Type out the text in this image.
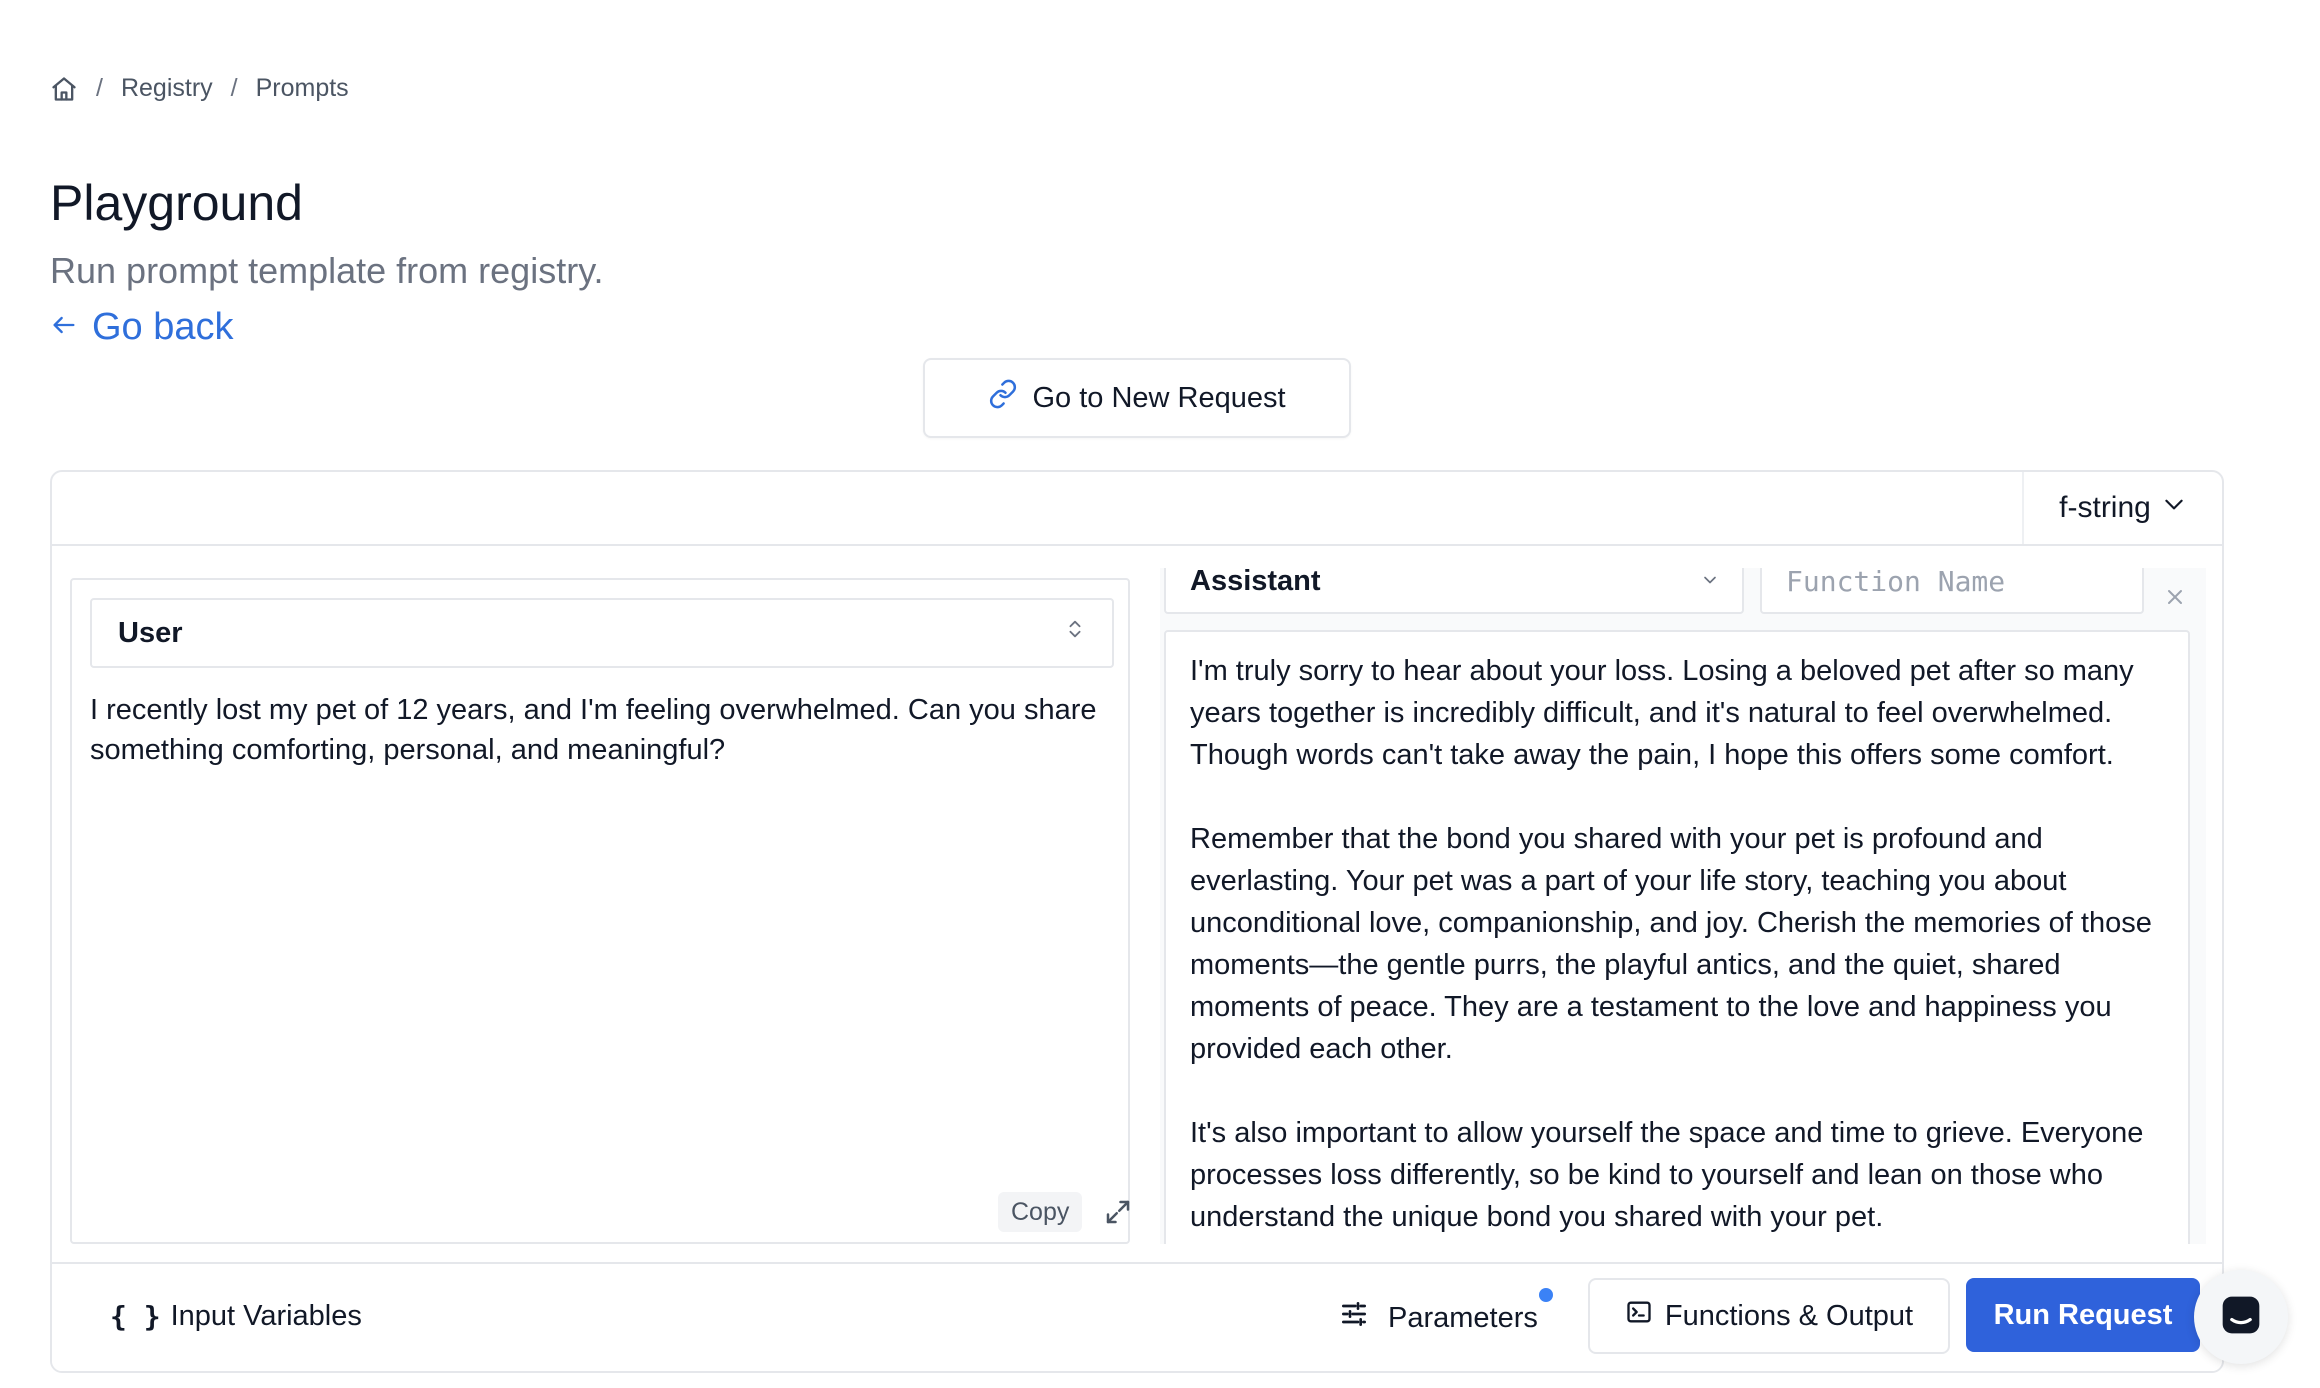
/ Registry / Prompts
Playground
Run prompt template from registry.
Go back
Go to New Request
f-string
User
I recently lost my pet of 12 years, and I'm feeling overwhelmed. Can you share something comforting, personal, and meaningful?
Copy
Assistant	Function Name

I'm truly sorry to hear about your loss. Losing a beloved pet after so many years together is incredibly difficult, and it's natural to feel overwhelmed. Though words can't take away the pain, I hope this offers some comfort.

Remember that the bond you shared with your pet is profound and everlasting. Your pet was a part of your life story, teaching you about unconditional love, companionship, and joy. Cherish the memories of those moments—the gentle purrs, the playful antics, and the quiet, shared moments of peace. They are a testament to the love and happiness you provided each other.

It's also important to allow yourself the space and time to grieve. Everyone processes loss differently, so be kind to yourself and lean on those who understand the unique bond you shared with your pet.

{ } Input Variables	Parameters	Functions & Output	Run Request
